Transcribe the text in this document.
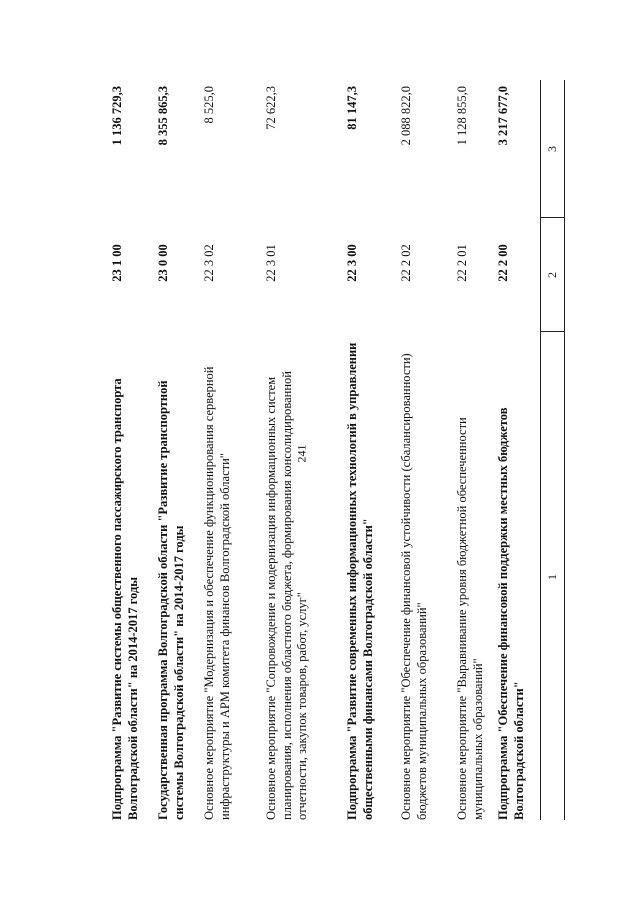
241
1
2
3
Подпрограмма "Обеспечение финансовой поддержки местных бюджетов Волгоградской области"
22 2 00
3 217 677,0
Основное мероприятие "Выравнивание уровня бюджетной обеспеченности муниципальных образований"
22 2 01
1 128 855,0
Основное мероприятие "Обеспечение финансовой устойчивости (сбалансированности) бюджетов муниципальных образований"
22 2 02
2 088 822,0
Подпрограмма "Развитие современных информационных технологий в управлении общественными финансами Волгоградской области"
22 3 00
81 147,3
Основное мероприятие "Сопровождение и модернизация информационных систем планирования, исполнения областного бюджета, формирования консолидированной отчетности, закупок товаров, работ, услуг"
22 3 01
72 622,3
Основное мероприятие "Модернизация и обеспечение функционирования серверной инфраструктуры и АРМ комитета финансов Волгоградской области"
22 3 02
8 525,0
Государственная программа Волгоградской области "Развитие транспортной системы Волгоградской области" на 2014-2017 годы
23 0 00
8 355 865,3
Подпрограмма "Развитие системы общественного пассажирского транспорта Волгоградской области" на 2014-2017 годы
23 1 00
1 136 729,3
